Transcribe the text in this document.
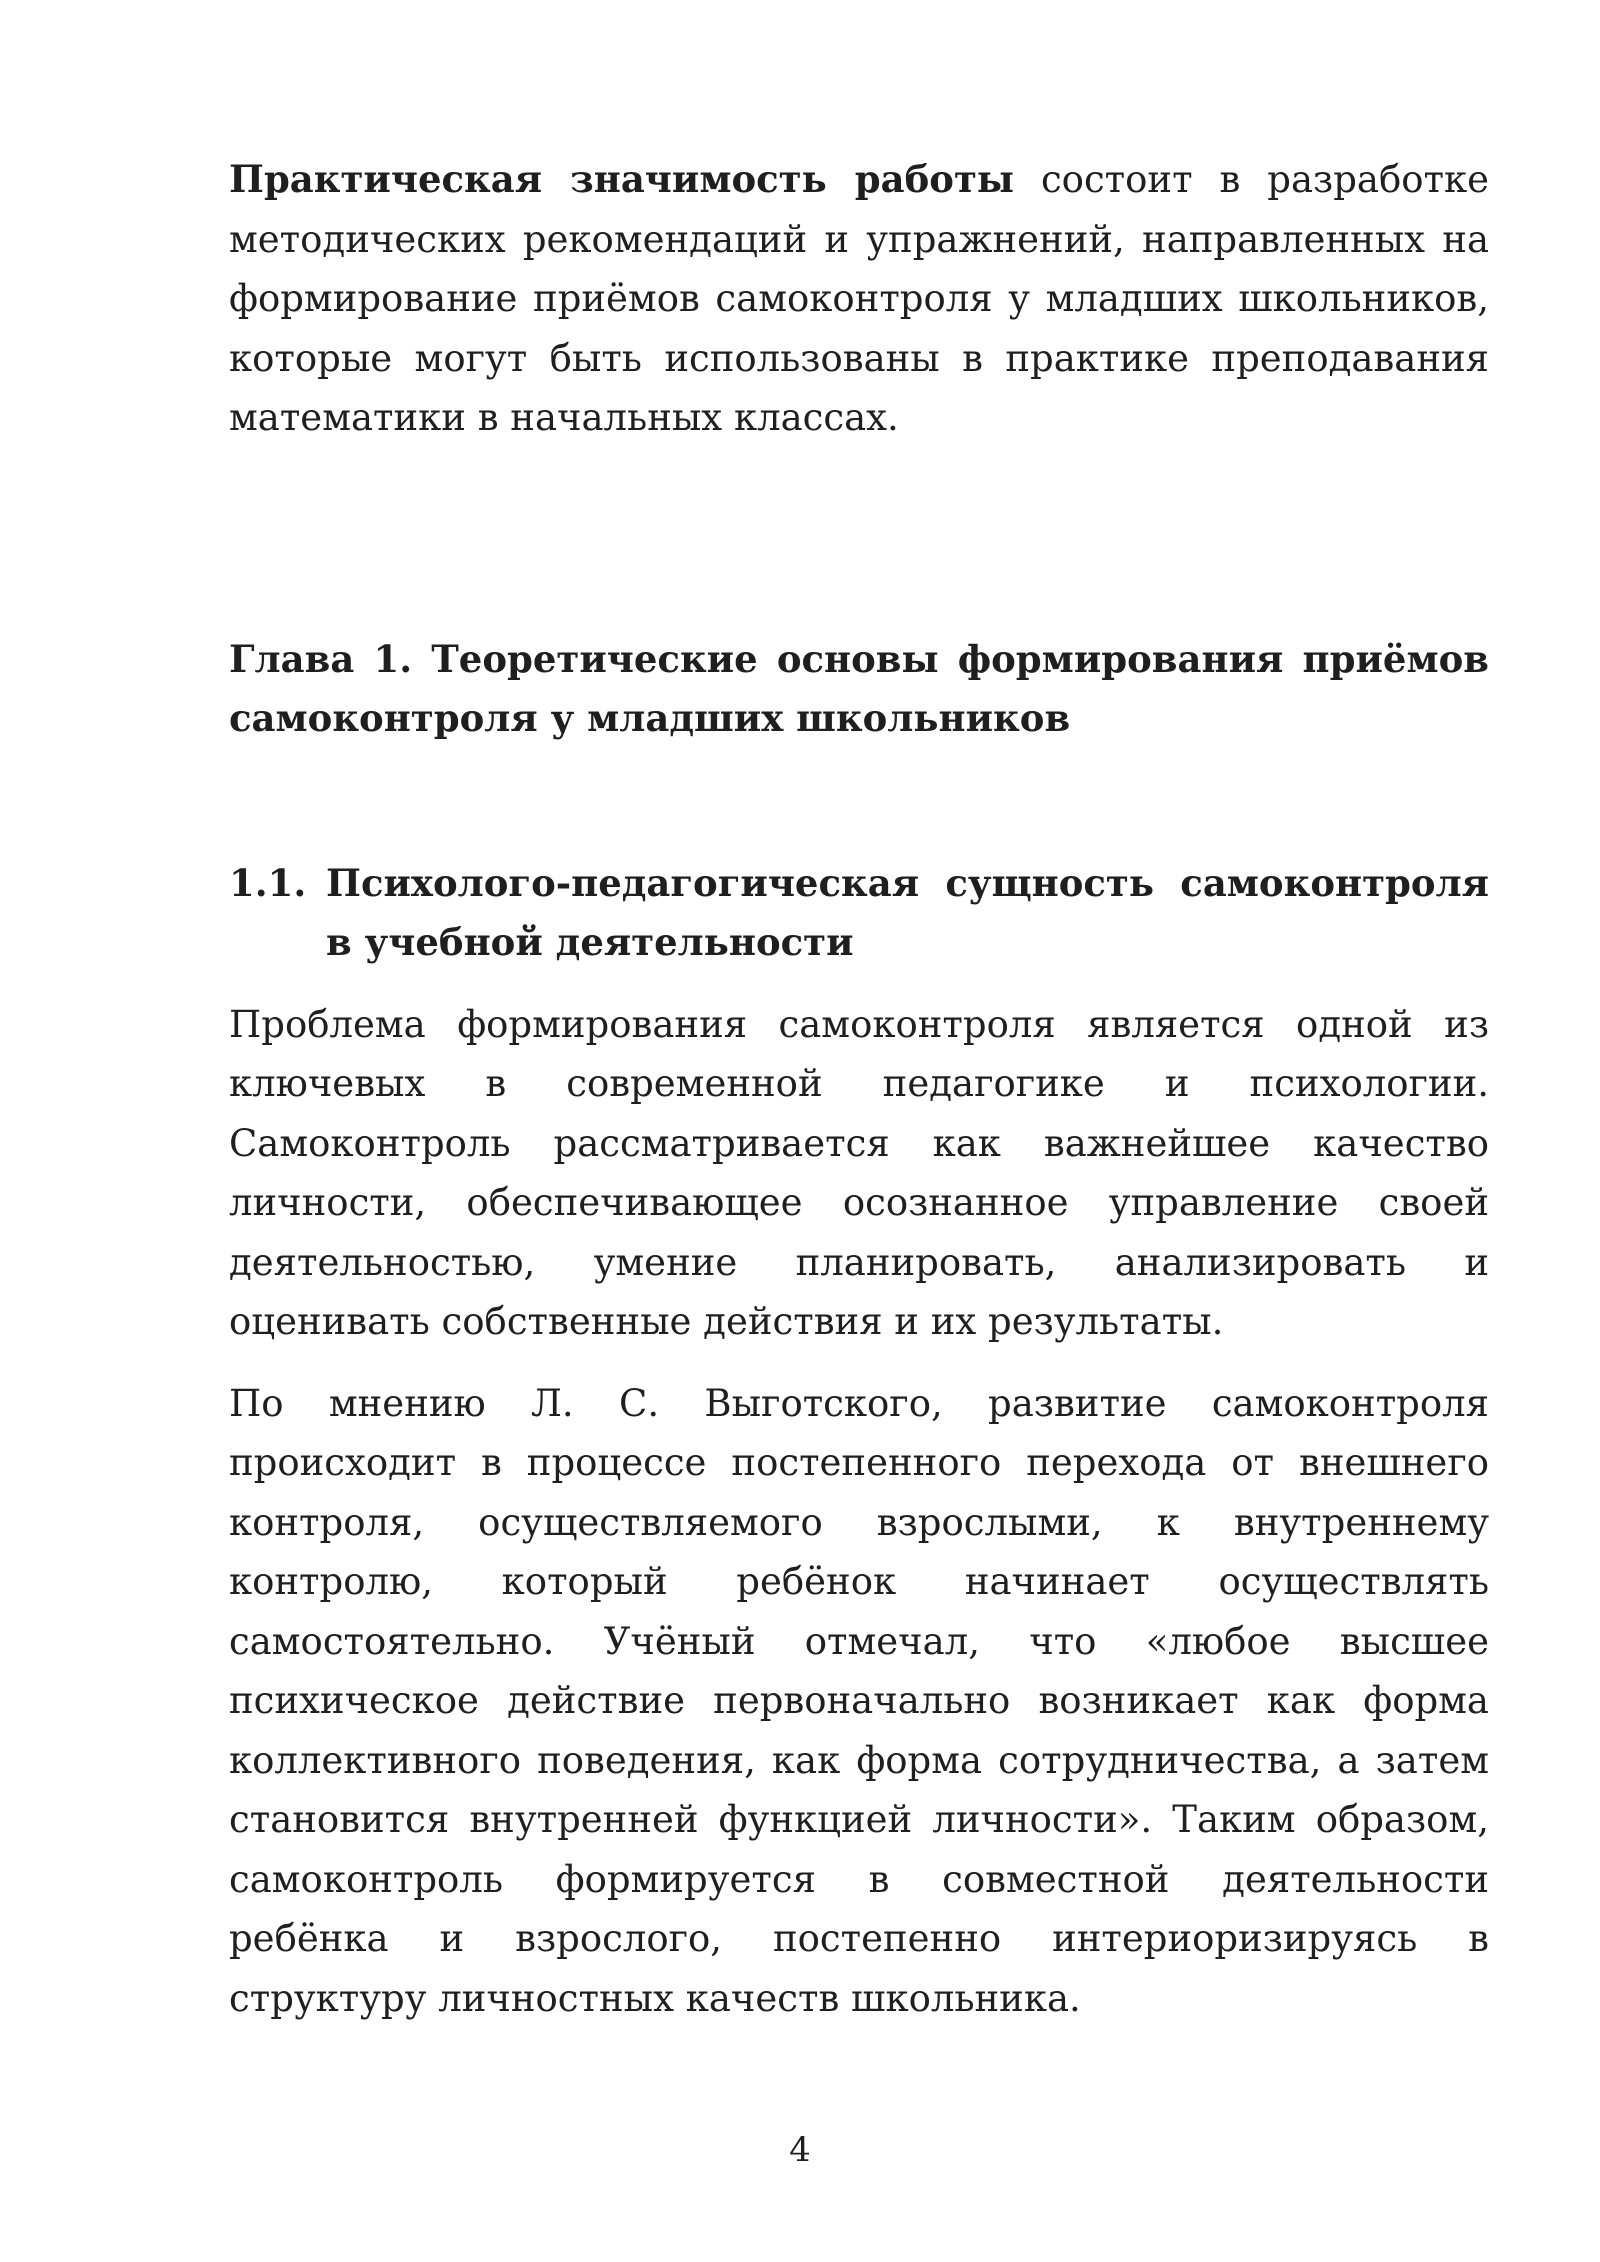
Практическая значимость работы состоит в разработке методических рекомендаций и упражнений, направленных на формирование приёмов самоконтроля у младших школьников, которые могут быть использованы в практике преподавания математики в начальных классах.

Глава 1. Теоретические основы формирования приёмов самоконтроля у младших школьников
1.1. Психолого-педагогическая сущность самоконтроля в учебной деятельности

Проблема формирования самоконтроля является одной из ключевых в современной педагогике и психологии. Самоконтроль рассматривается как важнейшее качество личности, обеспечивающее осознанное управление своей деятельностью, умение планировать, анализировать и оценивать собственные действия и их результаты.

По мнению Л. С. Выготского, развитие самоконтроля происходит в процессе постепенного перехода от внешнего контроля, осуществляемого взрослыми, к внутреннему контролю, который ребёнок начинает осуществлять самостоятельно. Учёный отмечал, что «любое высшее психическое действие первоначально возникает как форма коллективного поведения, как форма сотрудничества, а затем становится внутренней функцией личности». Таким образом, самоконтроль формируется в совместной деятельности ребёнка и взрослого, постепенно интериоризируясь в структуру личностных качеств школьника.

4
